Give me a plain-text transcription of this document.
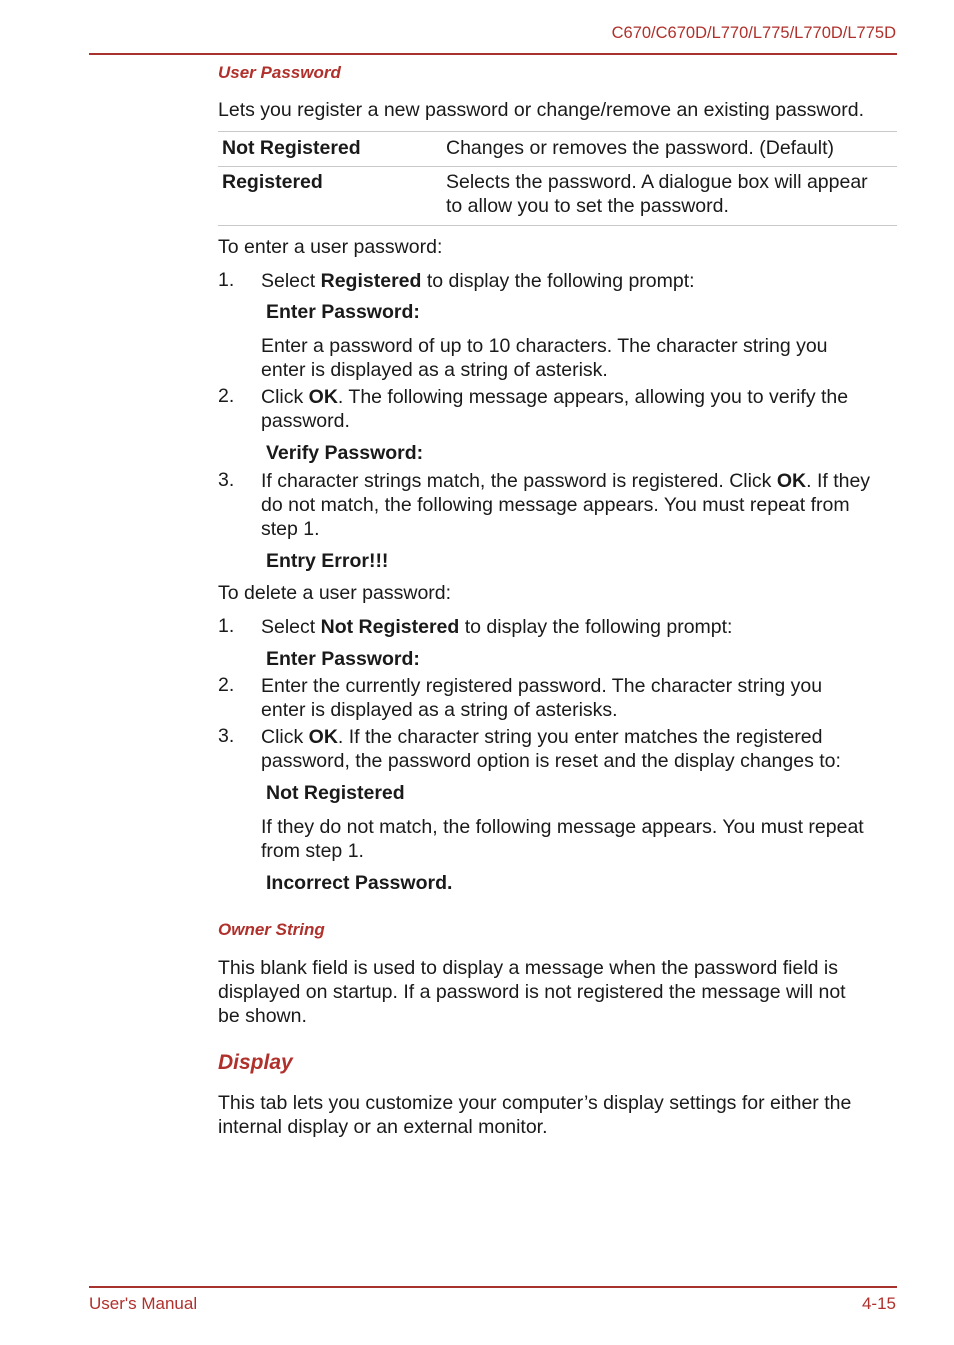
C670/C670D/L770/L775/L770D/L775D
User Password
Lets you register a new password or change/remove an existing password.
Not Registered	Changes or removes the password. (Default)
Registered	Selects the password. A dialogue box will appear
to allow you to set the password.
To enter a user password:
1. Select Registered to display the following prompt:
Enter Password:
Enter a password of up to 10 characters. The character string you
enter is displayed as a string of asterisk.
2. Click OK. The following message appears, allowing you to verify the
password.
Verify Password:
3. If character strings match, the password is registered. Click OK. If they
do not match, the following message appears. You must repeat from
step 1.
Entry Error!!!
To delete a user password:
1. Select Not Registered to display the following prompt:
Enter Password:
2. Enter the currently registered password. The character string you
enter is displayed as a string of asterisks.
3. Click OK. If the character string you enter matches the registered
password, the password option is reset and the display changes to:
Not Registered
If they do not match, the following message appears. You must repeat
from step 1.
Incorrect Password.
Owner String
This blank field is used to display a message when the password field is
displayed on startup. If a password is not registered the message will not
be shown.
Display
This tab lets you customize your computer’s display settings for either the
internal display or an external monitor.
User's Manual	4-15
